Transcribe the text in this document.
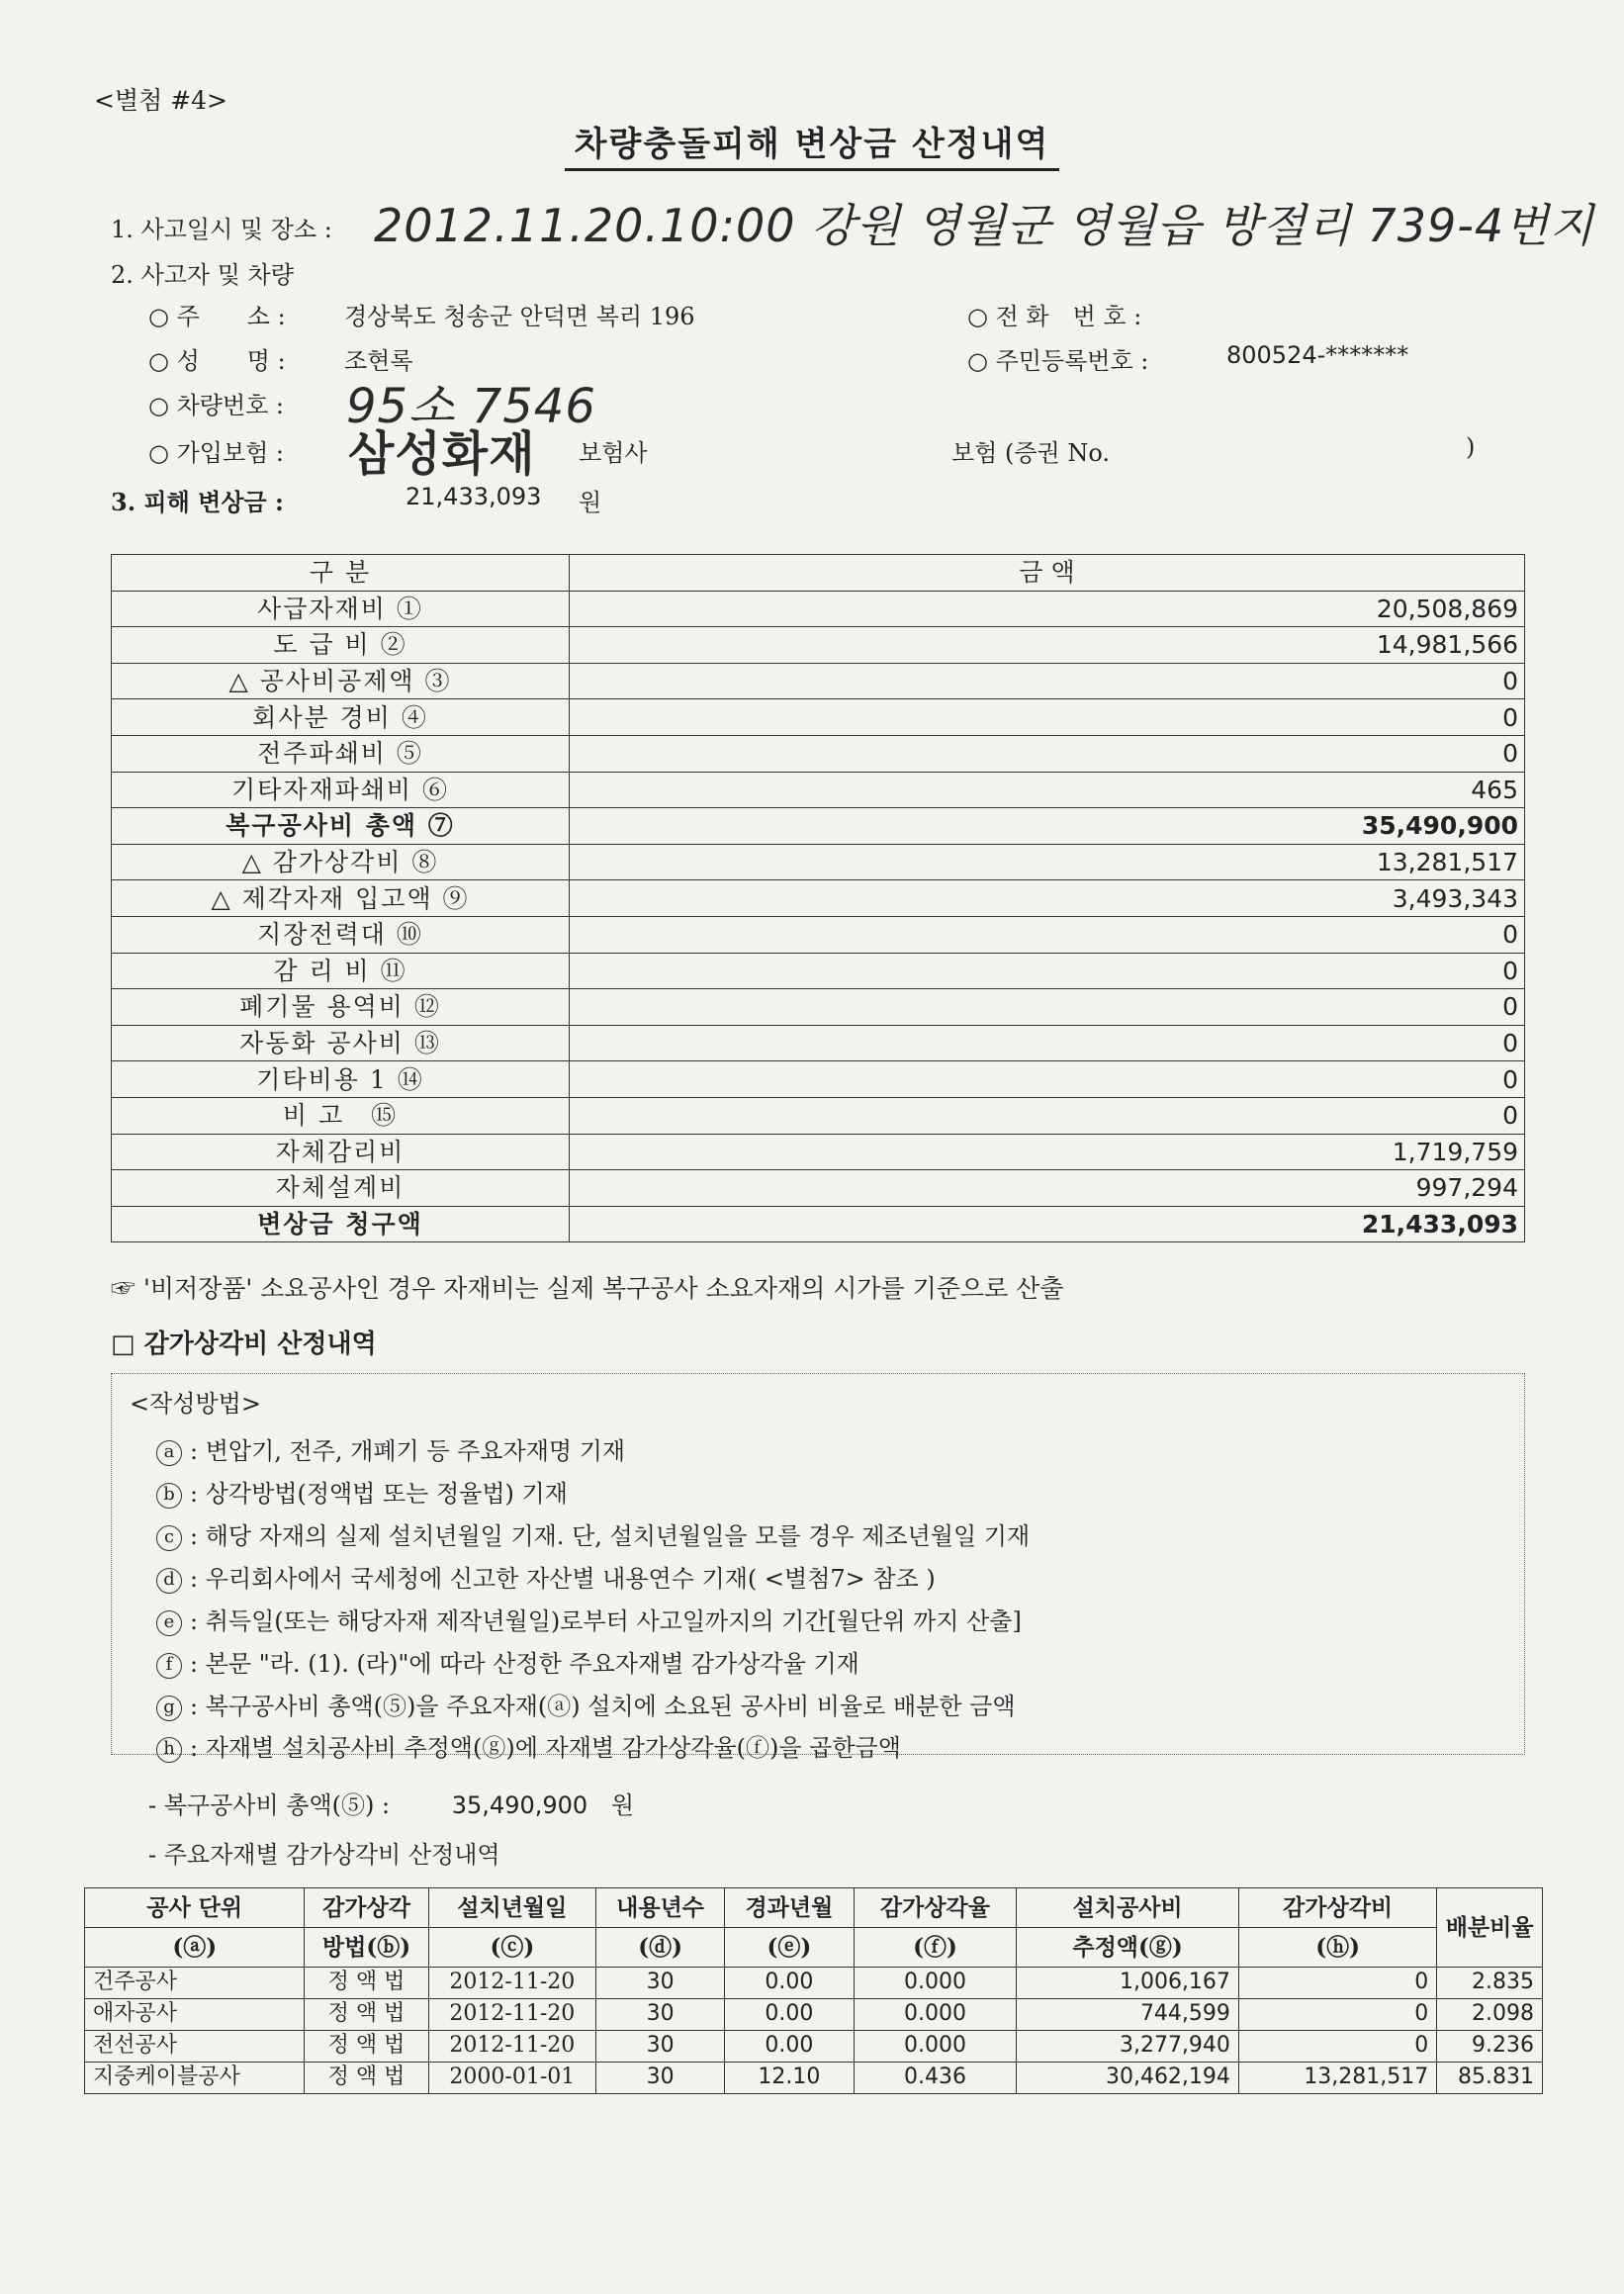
<별첨 #4>
차량충돌피해 변상금 산정내역
1. 사고일시 및 장소 : 2012.11.20.10:00 강원 영월군 영월읍 방절리 739-4번지
2. 사고자 및 차량
○ 주　　소 : 경상북도 청송군 안덕면 복리 196	○ 전 화　번 호 :
○ 성　　명 : 조현록	○ 주민등록번호 :	800524-*******
○ 차량번호 : 95소 7546
○ 가입보험 : 삼성화재 보험사	보험 (증권 No.	)
3. 피해 변상금 :	21,433,093 원
구 분	금 액
사급자재비 ①	20,508,869
도 급 비 ②	14,981,566
△ 공사비공제액 ③	0
회사분 경비 ④	0
전주파쇄비 ⑤	0
기타자재파쇄비 ⑥	465
복구공사비 총액 ⑦	35,490,900
△ 감가상각비 ⑧	13,281,517
△ 제각자재 입고액 ⑨	3,493,343
지장전력대 ⑩	0
감 리 비 ⑪	0
폐기물 용역비 ⑫	0
자동화 공사비 ⑬	0
기타비용 1 ⑭	0
비 고　⑮	0
자체감리비	1,719,759
자체설계비	997,294
변상금 청구액	21,433,093
☞ '비저장품' 소요공사인 경우 자재비는 실제 복구공사 소요자재의 시가를 기준으로 산출
□ 감가상각비 산정내역
<작성방법>
a : 변압기, 전주, 개폐기 등 주요자재명 기재
b : 상각방법(정액법 또는 정율법) 기재
c : 해당 자재의 실제 설치년월일 기재. 단, 설치년월일을 모를 경우 제조년월일 기재
d : 우리회사에서 국세청에 신고한 자산별 내용연수 기재( <별첨7> 참조 )
e : 취득일(또는 해당자재 제작년월일)로부터 사고일까지의 기간[월단위 까지 산출]
f : 본문 "라. (1). (라)"에 따라 산정한 주요자재별 감가상각율 기재
g : 복구공사비 총액(⑤)을 주요자재(ⓐ) 설치에 소요된 공사비 비율로 배분한 금액
h : 자재별 설치공사비 추정액(ⓖ)에 자재별 감가상각율(ⓕ)을 곱한금액
- 복구공사비 총액(⑤) :	35,490,900 원
- 주요자재별 감가상각비 산정내역
공사 단위	감가상각	설치년월일	내용년수	경과년월	감가상각율	설치공사비	감가상각비	배분비율
(ⓐ)	방법(ⓑ)	(ⓒ)	(ⓓ)	(ⓔ)	(ⓕ)	추정액(ⓖ)	(ⓗ)	
건주공사	정 액 법	2012-11-20	30	0.00	0.000	1,006,167	0	2.835
애자공사	정 액 법	2012-11-20	30	0.00	0.000	744,599	0	2.098
전선공사	정 액 법	2012-11-20	30	0.00	0.000	3,277,940	0	9.236
지중케이블공사	정 액 법	2000-01-01	30	12.10	0.436	30,462,194	13,281,517	85.831
